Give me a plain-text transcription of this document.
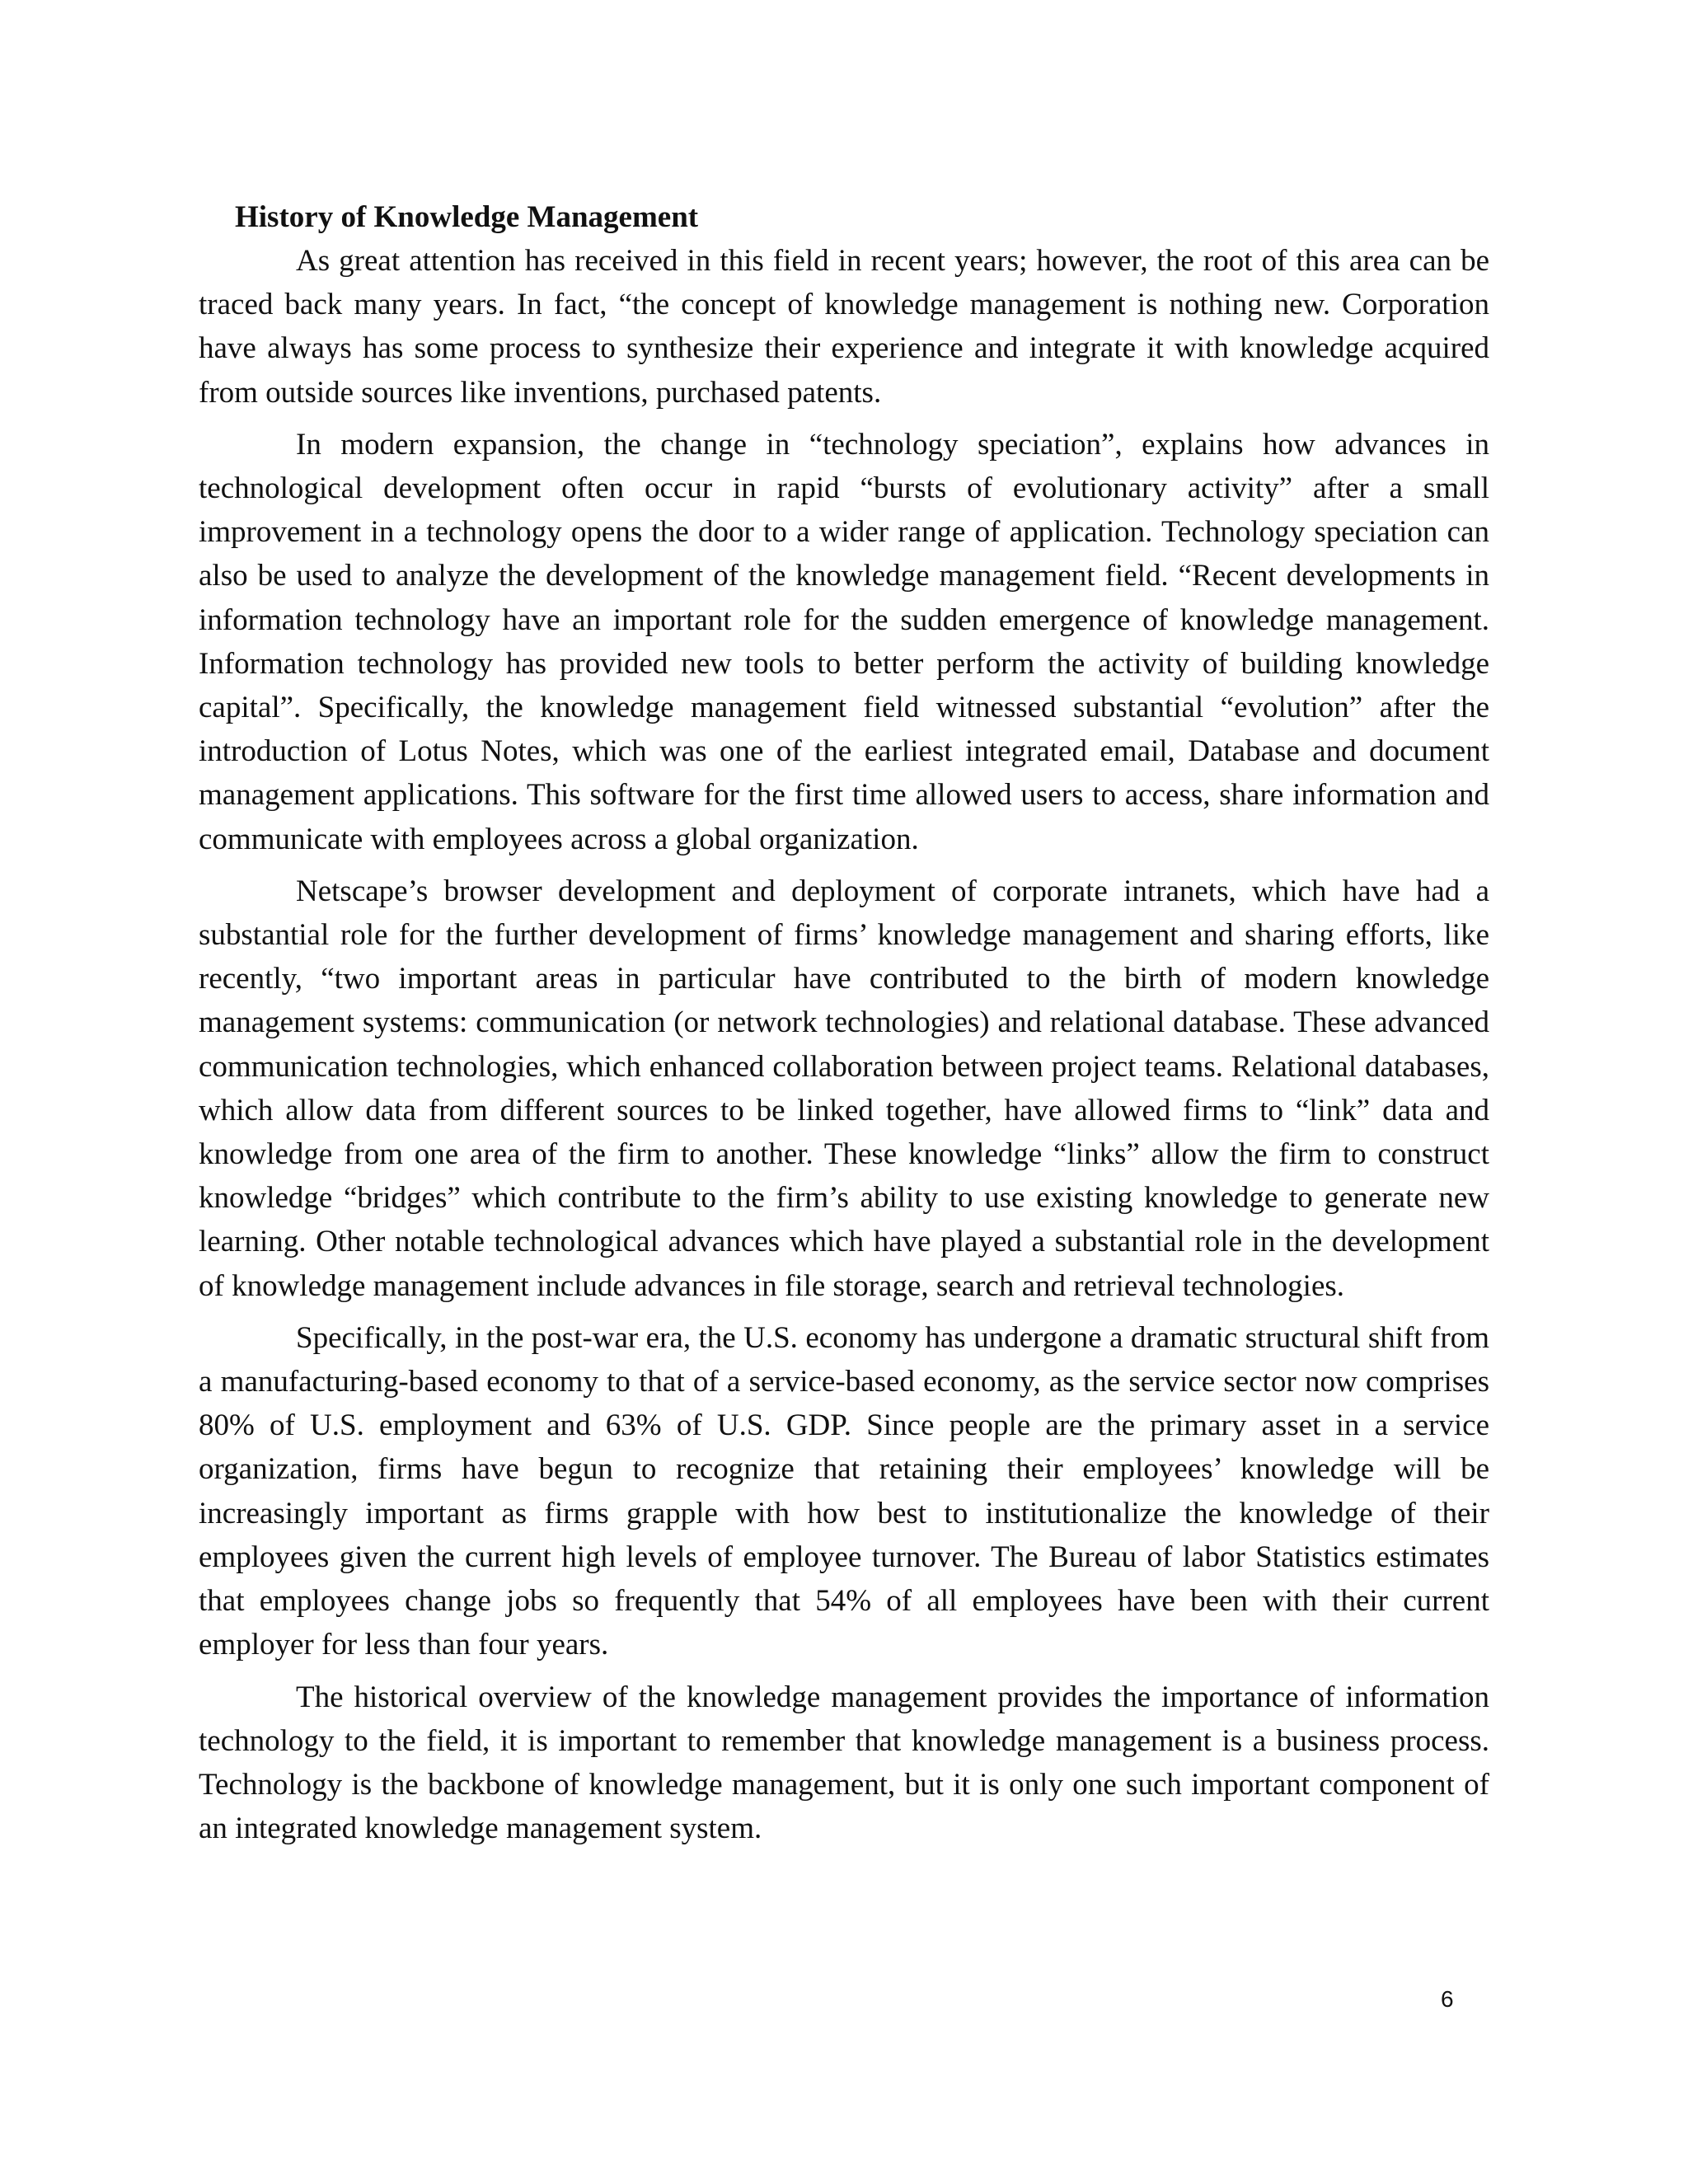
History of Knowledge Management

As great attention has received in this field in recent years; however, the root of this area can be traced back many years. In fact, “the concept of knowledge management is nothing new. Corporation have always has some process to synthesize their experience and integrate it with knowledge acquired from outside sources like inventions, purchased patents.

In modern expansion, the change in “technology speciation”, explains how advances in technological development often occur in rapid “bursts of evolutionary activity” after a small improvement in a technology opens the door to a wider range of application. Technology speciation can also be used to analyze the development of the knowledge management field. “Recent developments in information technology have an important role for the sudden emergence of knowledge management. Information technology has provided new tools to better perform the activity of building knowledge capital”. Specifically, the knowledge management field witnessed substantial “evolution” after the introduction of Lotus Notes, which was one of the earliest integrated email, Database and document management applications. This software for the first time allowed users to access, share information and communicate with employees across a global organization.

Netscape’s browser development and deployment of corporate intranets, which have had a substantial role for the further development of firms’ knowledge management and sharing efforts, like recently, “two important areas in particular have contributed to the birth of modern knowledge management systems: communication (or network technologies) and relational database. These advanced communication technologies, which enhanced collaboration between project teams. Relational databases, which allow data from different sources to be linked together, have allowed firms to “link” data and knowledge from one area of the firm to another. These knowledge “links” allow the firm to construct knowledge “bridges” which contribute to the firm’s ability to use existing knowledge to generate new learning. Other notable technological advances which have played a substantial role in the development of knowledge management include advances in file storage, search and retrieval technologies.

Specifically, in the post-war era, the U.S. economy has undergone a dramatic structural shift from a manufacturing-based economy to that of a service-based economy, as the service sector now comprises 80% of U.S. employment and 63% of U.S. GDP. Since people are the primary asset in a service organization, firms have begun to recognize that retaining their employees’ knowledge will be increasingly important as firms grapple with how best to institutionalize the knowledge of their employees given the current high levels of employee turnover. The Bureau of labor Statistics estimates that employees change jobs so frequently that 54% of all employees have been with their current employer for less than four years.

The historical overview of the knowledge management provides the importance of information technology to the field, it is important to remember that knowledge management is a business process. Technology is the backbone of knowledge management, but it is only one such important component of an integrated knowledge management system.

6
